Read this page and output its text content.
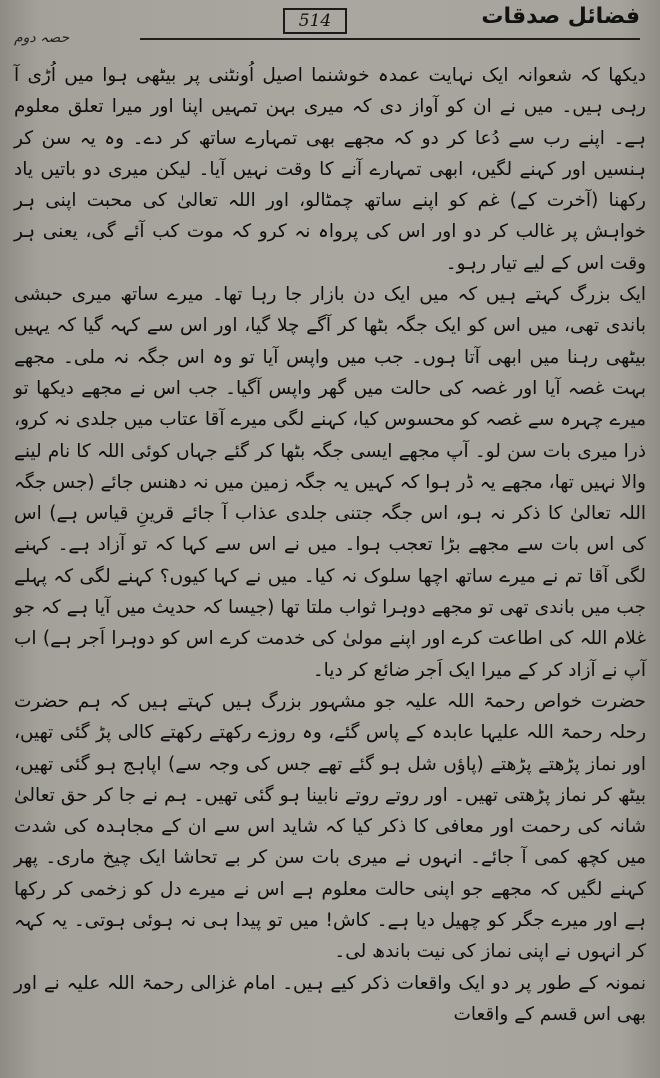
514	فضائل صدقات
حصہ دوم

دیکھا کہ شعوانہ ایک نہایت عمدہ خوشنما اصیل اُونٹنی پر بیٹھی ہوا میں اُڑی آ رہی ہیں۔ میں نے ان کو آواز دی کہ میری بہن تمہیں اپنا اور میرا تعلق معلوم ہے۔ اپنے رب سے دُعا کر دو کہ مجھے بھی تمہارے ساتھ کر دے۔ وہ یہ سن کر ہنسیں اور کہنے لگیں، ابھی تمہارے آنے کا وقت نہیں آیا۔ لیکن میری دو باتیں یاد رکھنا (آخرت کے) غم کو اپنے ساتھ چمٹالو، اور اللہ تعالیٰ کی محبت اپنی ہر خواہش پر غالب کر دو اور اس کی پرواہ نہ کرو کہ موت کب آئے گی، یعنی ہر وقت اس کے لیے تیار رہو۔

ایک بزرگ کہتے ہیں کہ میں ایک دن بازار جا رہا تھا۔ میرے ساتھ میری حبشی باندی تھی، میں اس کو ایک جگہ بٹھا کر آگے چلا گیا، اور اس سے کہہ گیا کہ یہیں بیٹھی رہنا میں ابھی آتا ہوں۔ جب میں واپس آیا تو وہ اس جگہ نہ ملی۔ مجھے بہت غصہ آیا اور غصہ کی حالت میں گھر واپس آگیا۔ جب اس نے مجھے دیکھا تو میرے چہرہ سے غصہ کو محسوس کیا، کہنے لگی میرے آقا عتاب میں جلدی نہ کرو، ذرا میری بات سن لو۔ آپ مجھے ایسی جگہ بٹھا کر گئے جہاں کوئی اللہ کا نام لینے والا نہیں تھا، مجھے یہ ڈر ہوا کہ کہیں یہ جگہ زمین میں نہ دھنس جائے (جس جگہ اللہ تعالیٰ کا ذکر نہ ہو، اس جگہ جتنی جلدی عذاب آ جائے قرینِ قیاس ہے) اس کی اس بات سے مجھے بڑا تعجب ہوا۔ میں نے اس سے کہا کہ تو آزاد ہے۔ کہنے لگی آقا تم نے میرے ساتھ اچھا سلوک نہ کیا۔ میں نے کہا کیوں؟ کہنے لگی کہ پہلے جب میں باندی تھی تو مجھے دوہرا ثواب ملتا تھا (جیسا کہ حدیث میں آیا ہے کہ جو غلام اللہ کی اطاعت کرے اور اپنے مولیٰ کی خدمت کرے اس کو دوہرا اَجر ہے) اب آپ نے آزاد کر کے میرا ایک اَجر ضائع کر دیا۔

حضرت خواص رحمۃ اللہ علیہ جو مشہور بزرگ ہیں کہتے ہیں کہ ہم حضرت رحلہ رحمۃ اللہ علیہا عابدہ کے پاس گئے، وہ روزے رکھتے رکھتے کالی پڑ گئی تھیں، اور نماز پڑھتے پڑھتے (پاؤں شل ہو گئے تھے جس کی وجہ سے) اپاہج ہو گئی تھیں، بیٹھ کر نماز پڑھتی تھیں۔ اور روتے روتے نابینا ہو گئی تھیں۔ ہم نے جا کر حق تعالیٰ شانہ کی رحمت اور معافی کا ذکر کیا کہ شاید اس سے ان کے مجاہدہ کی شدت میں کچھ کمی آ جائے۔ انہوں نے میری بات سن کر بے تحاشا ایک چیخ ماری۔ پھر کہنے لگیں کہ مجھے جو اپنی حالت معلوم ہے اس نے میرے دل کو زخمی کر رکھا ہے اور میرے جگر کو چھیل دیا ہے۔ کاش! میں تو پیدا ہی نہ ہوئی ہوتی۔ یہ کہہ کر انہوں نے اپنی نماز کی نیت باندھ لی۔

نمونہ کے طور پر دو ایک واقعات ذکر کیے ہیں۔ امام غزالی رحمۃ اللہ علیہ نے اور بھی اس قسم کے واقعات
